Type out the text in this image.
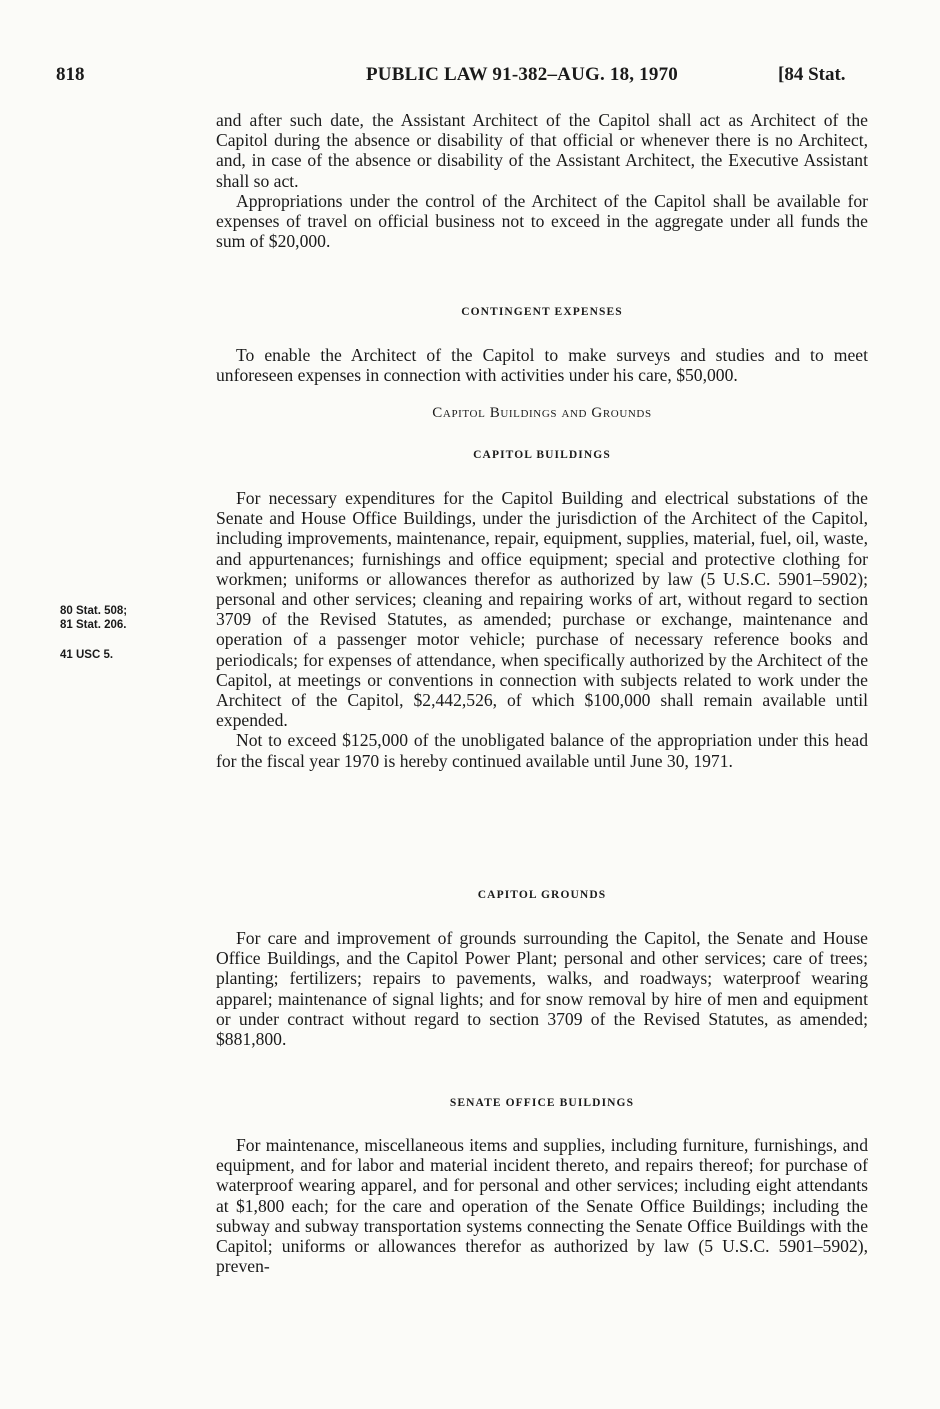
818	PUBLIC LAW 91-382–AUG. 18, 1970	[84 Stat.

and after such date, the Assistant Architect of the Capitol shall act as Architect of the Capitol during the absence or disability of that official or whenever there is no Architect, and, in case of the absence or disability of the Assistant Architect, the Executive Assistant shall so act.

Appropriations under the control of the Architect of the Capitol shall be available for expenses of travel on official business not to exceed in the aggregate under all funds the sum of $20,000.

CONTINGENT EXPENSES

To enable the Architect of the Capitol to make surveys and studies and to meet unforeseen expenses in connection with activities under his care, $50,000.

Capitol Buildings and Grounds
CAPITOL BUILDINGS

For necessary expenditures for the Capitol Building and electrical substations of the Senate and House Office Buildings, under the jurisdiction of the Architect of the Capitol, including improvements, maintenance, repair, equipment, supplies, material, fuel, oil, waste, and appurtenances; furnishings and office equipment; special and protective clothing for workmen; uniforms or allowances therefor as authorized by law (5 U.S.C. 5901–5902); personal and other services; cleaning and repairing works of art, without regard to section 3709 of the Revised Statutes, as amended; purchase or exchange, maintenance and operation of a passenger motor vehicle; purchase of necessary reference books and periodicals; for expenses of attendance, when specifically authorized by the Architect of the Capitol, at meetings or conventions in connection with subjects related to work under the Architect of the Capitol, $2,442,526, of which $100,000 shall remain available until expended.

Not to exceed $125,000 of the unobligated balance of the appropriation under this head for the fiscal year 1970 is hereby continued available until June 30, 1971.

80 Stat. 508;
81 Stat. 206.
41 USC 5.
CAPITOL GROUNDS

For care and improvement of grounds surrounding the Capitol, the Senate and House Office Buildings, and the Capitol Power Plant; personal and other services; care of trees; planting; fertilizers; repairs to pavements, walks, and roadways; waterproof wearing apparel; maintenance of signal lights; and for snow removal by hire of men and equipment or under contract without regard to section 3709 of the Revised Statutes, as amended; $881,800.

SENATE OFFICE BUILDINGS

For maintenance, miscellaneous items and supplies, including furniture, furnishings, and equipment, and for labor and material incident thereto, and repairs thereof; for purchase of waterproof wearing apparel, and for personal and other services; including eight attendants at $1,800 each; for the care and operation of the Senate Office Buildings; including the subway and subway transportation systems connecting the Senate Office Buildings with the Capitol; uniforms or allowances therefor as authorized by law (5 U.S.C. 5901–5902), preven-
